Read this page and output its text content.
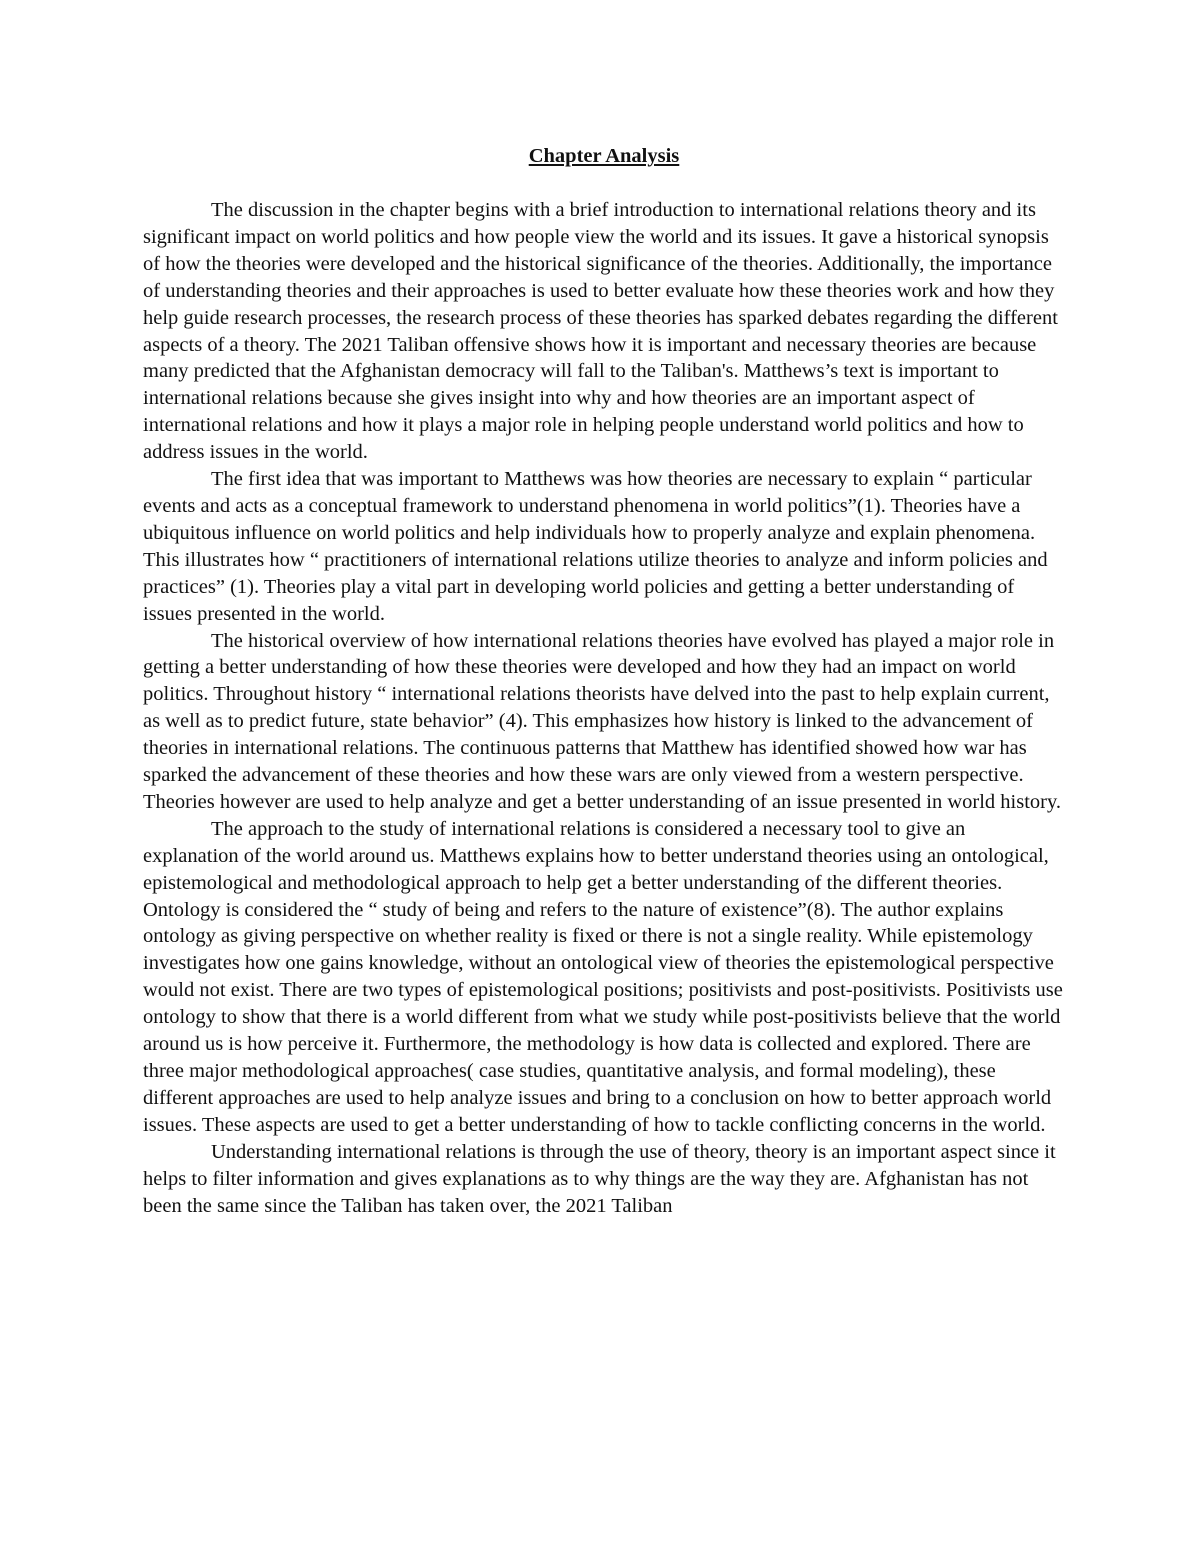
Chapter Analysis

The discussion in the chapter begins with a brief introduction to international relations theory and its significant impact on world politics and how people view the world and its issues. It gave a historical synopsis of how the theories were developed and the historical significance of the theories. Additionally, the importance of understanding theories and their approaches is used to better evaluate how these theories work and how they help guide research processes, the research process of these theories has sparked debates regarding the different aspects of a theory. The 2021 Taliban offensive shows how it is important and necessary theories are because many predicted that the Afghanistan democracy will fall to the Taliban's. Matthews’s text is important to international relations because she gives insight into why and how theories are an important aspect of international relations and how it plays a major role in helping people understand world politics and how to address issues in the world.

The first idea that was important to Matthews was how theories are necessary to explain “ particular events and acts as a conceptual framework to understand phenomena in world politics”(1). Theories have a ubiquitous influence on world politics and help individuals how to properly analyze and explain phenomena. This illustrates how “ practitioners of international relations utilize theories to analyze and inform policies and practices” (1). Theories play a vital part in developing world policies and getting a better understanding of issues presented in the world.

The historical overview of how international relations theories have evolved has played a major role in getting a better understanding of how these theories were developed and how they had an impact on world politics. Throughout history “ international relations theorists have delved into the past to help explain current, as well as to predict future, state behavior” (4). This emphasizes how history is linked to the advancement of theories in international relations. The continuous patterns that Matthew has identified showed how war has sparked the advancement of these theories and how these wars are only viewed from a western perspective. Theories however are used to help analyze and get a better understanding of an issue presented in world history.

The approach to the study of international relations is considered a necessary tool to give an explanation of the world around us. Matthews explains how to better understand theories using an ontological, epistemological and methodological approach to help get a better understanding of the different theories. Ontology is considered the “ study of being and refers to the nature of existence”(8). The author explains ontology as giving perspective on whether reality is fixed or there is not a single reality. While epistemology investigates how one gains knowledge, without an ontological view of theories the epistemological perspective would not exist. There are two types of epistemological positions; positivists and post-positivists. Positivists use ontology to show that there is a world different from what we study while post-positivists believe that the world around us is how perceive it. Furthermore, the methodology is how data is collected and explored. There are three major methodological approaches( case studies, quantitative analysis, and formal modeling), these different approaches are used to help analyze issues and bring to a conclusion on how to better approach world issues. These aspects are used to get a better understanding of how to tackle conflicting concerns in the world.

Understanding international relations is through the use of theory, theory is an important aspect since it helps to filter information and gives explanations as to why things are the way they are. Afghanistan has not been the same since the Taliban has taken over, the 2021 Taliban
